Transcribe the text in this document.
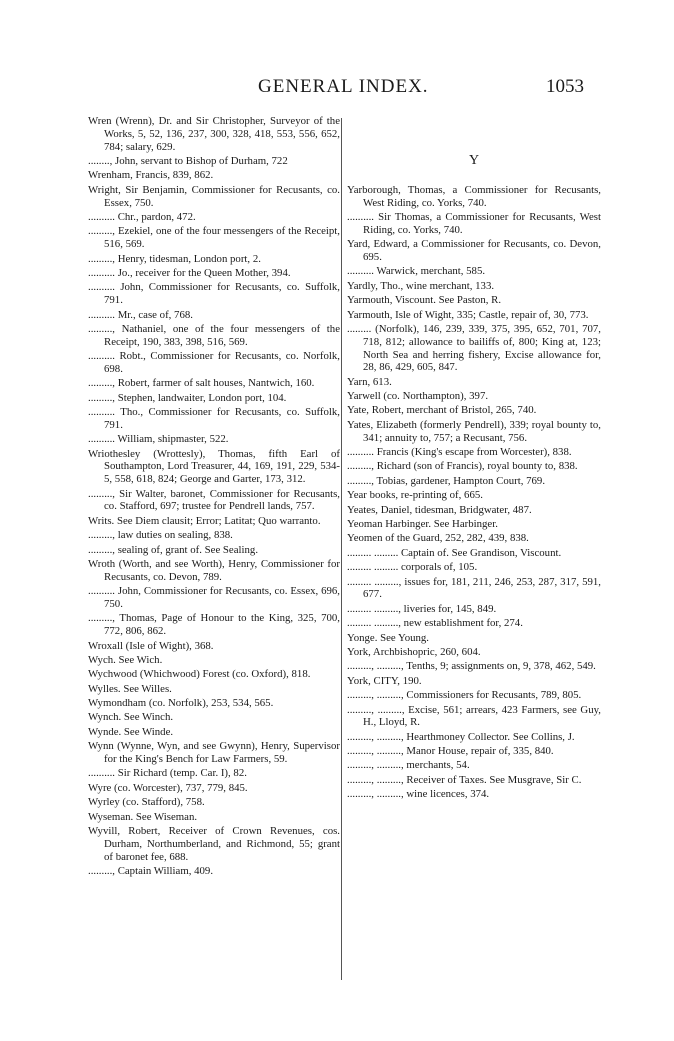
GENERAL INDEX.	1053

Wren (Wrenn), Dr. and Sir Christopher, Surveyor of the Works, 5, 52, 136, 237, 300, 328, 418, 553, 556, 652, 784; salary, 629.

........, John, servant to Bishop of Durham, 722

Wrenham, Francis, 839, 862.

Wright, Sir Benjamin, Commissioner for Recusants, co. Essex, 750.

.......... Chr., pardon, 472.

........., Ezekiel, one of the four messengers of the Receipt, 516, 569.

........., Henry, tidesman, London port, 2.

.......... Jo., receiver for the Queen Mother, 394.

.......... John, Commissioner for Recusants, co. Suffolk, 791.

.......... Mr., case of, 768.

........., Nathaniel, one of the four messengers of the Receipt, 190, 383, 398, 516, 569.

.......... Robt., Commissioner for Recusants, co. Norfolk, 698.

........., Robert, farmer of salt houses, Nantwich, 160.

........., Stephen, landwaiter, London port, 104.

.......... Tho., Commissioner for Recusants, co. Suffolk, 791.

.......... William, shipmaster, 522.

Wriothesley (Wrottesly), Thomas, fifth Earl of Southampton, Lord Treasurer, 44, 169, 191, 229, 534-5, 558, 618, 824; George and Garter, 173, 312.

........., Sir Walter, baronet, Commissioner for Recusants, co. Stafford, 697; trustee for Pendrell lands, 757.

Writs. See Diem clausit; Error; Latitat; Quo warranto.

........., law duties on sealing, 838.

........., sealing of, grant of. See Sealing.

Wroth (Worth, and see Worth), Henry, Commissioner for Recusants, co. Devon, 789.

.......... John, Commissioner for Recusants, co. Essex, 696, 750.

........., Thomas, Page of Honour to the King, 325, 700, 772, 806, 862.

Wroxall (Isle of Wight), 368.

Wych. See Wich.

Wychwood (Whichwood) Forest (co. Oxford), 818.

Wylles. See Willes.

Wymondham (co. Norfolk), 253, 534, 565.

Wynch. See Winch.

Wynde. See Winde.

Wynn (Wynne, Wyn, and see Gwynn), Henry, Supervisor for the King's Bench for Law Farmers, 59.

.......... Sir Richard (temp. Car. I), 82.

Wyre (co. Worcester), 737, 779, 845.

Wyrley (co. Stafford), 758.

Wyseman. See Wiseman.

Wyvill, Robert, Receiver of Crown Revenues, cos. Durham, Northumberland, and Richmond, 55; grant of baronet fee, 688.

........., Captain William, 409.

Y

Yarborough, Thomas, a Commissioner for Recusants, West Riding, co. Yorks, 740.

.......... Sir Thomas, a Commissioner for Recusants, West Riding, co. Yorks, 740.

Yard, Edward, a Commissioner for Recusants, co. Devon, 695.

.......... Warwick, merchant, 585.

Yardly, Tho., wine merchant, 133.

Yarmouth, Viscount. See Paston, R.

Yarmouth, Isle of Wight, 335; Castle, repair of, 30, 773.

......... (Norfolk), 146, 239, 339, 375, 395, 652, 701, 707, 718, 812; allowance to bailiffs of, 800; King at, 123; North Sea and herring fishery, Excise allowance for, 28, 86, 429, 605, 847.

Yarn, 613.

Yarwell (co. Northampton), 397.

Yate, Robert, merchant of Bristol, 265, 740.

Yates, Elizabeth (formerly Pendrell), 339; royal bounty to, 341; annuity to, 757; a Recusant, 756.

.......... Francis (King's escape from Worcester), 838.

........., Richard (son of Francis), royal bounty to, 838.

........., Tobias, gardener, Hampton Court, 769.

Year books, re-printing of, 665.

Yeates, Daniel, tidesman, Bridgwater, 487.

Yeoman Harbinger. See Harbinger.

Yeomen of the Guard, 252, 282, 439, 838.

......... ......... Captain of. See Grandison, Viscount.

......... ......... corporals of, 105.

......... ........., issues for, 181, 211, 246, 253, 287, 317, 591, 677.

......... ........., liveries for, 145, 849.

......... ........., new establishment for, 274.

Yonge. See Young.

York, Archbishopric, 260, 604.

........., ........., Tenths, 9; assignments on, 9, 378, 462, 549.

York, CITY, 190.

........., ........., Commissioners for Recusants, 789, 805.

........., ........., Excise, 561; arrears, 423 Farmers, see Guy, H., Lloyd, R.

........., ........., Hearthmoney Collector. See Collins, J.

........., ........., Manor House, repair of, 335, 840.

........., ........., merchants, 54.

........., ........., Receiver of Taxes. See Musgrave, Sir C.

........., ........., wine licences, 374.
